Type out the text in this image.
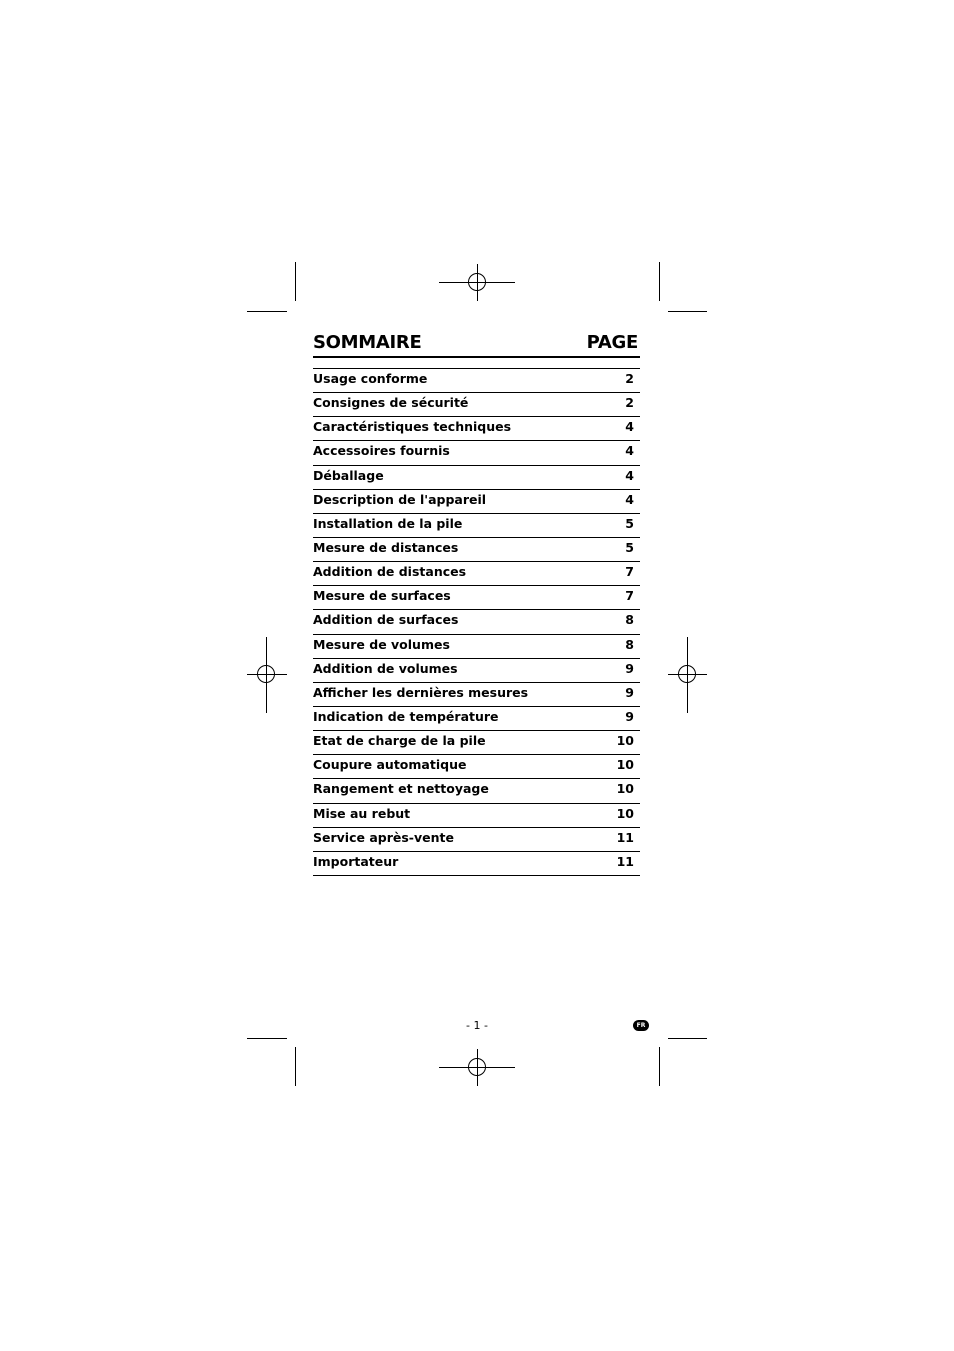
SOMMAIRE	PAGE
Usage conforme	2
Consignes de sécurité	2
Caractéristiques techniques	4
Accessoires fournis	4
Déballage	4
Description de l'appareil	4
Installation de la pile	5
Mesure de distances	5
Addition de distances	7
Mesure de surfaces	7
Addition de surfaces	8
Mesure de volumes	8
Addition de volumes	9
Afficher les dernières mesures	9
Indication de température	9
Etat de charge de la pile	10
Coupure automatique	10
Rangement et nettoyage	10
Mise au rebut	10
Service après-vente	11
Importateur	11
- 1 -	FR
